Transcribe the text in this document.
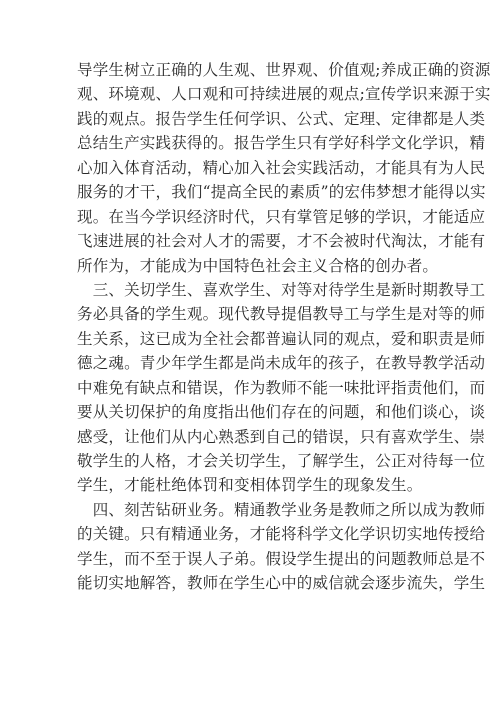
导学生树立正确的人生观、世界观、价值观;养成正确的资源
观、环境观、人口观和可持续进展的观点;宣传学识来源于实
践的观点。报告学生任何学识、公式、定理、定律都是人类
总结生产实践获得的。报告学生只有学好科学文化学识，精
心加入体育活动，精心加入社会实践活动，才能具有为人民
服务的才干，我们“提高全民的素质”的宏伟梦想才能得以实
现。在当今学识经济时代，只有掌管足够的学识，才能适应
飞速进展的社会对人才的需要，才不会被时代淘汰，才能有
所作为，才能成为中国特色社会主义合格的创办者。
　三、关切学生、喜欢学生、对等对待学生是新时期教导工
务必具备的学生观。现代教导提倡教导工与学生是对等的师
生关系，这已成为全社会都普遍认同的观点，爱和职责是师
德之魂。青少年学生都是尚未成年的孩子，在教导教学活动
中难免有缺点和错误，作为教师不能一味批评指责他们，而
要从关切保护的角度指出他们存在的问题，和他们谈心，谈
感受，让他们从内心熟悉到自己的错误，只有喜欢学生、崇
敬学生的人格，才会关切学生，了解学生，公正对待每一位
学生，才能杜绝体罚和变相体罚学生的现象发生。
　四、刻苦钻研业务。精通教学业务是教师之所以成为教师
的关键。只有精通业务，才能将科学文化学识切实地传授给
学生，而不至于误人子弟。假设学生提出的问题教师总是不
能切实地解答，教师在学生心中的威信就会逐步流失，学生
